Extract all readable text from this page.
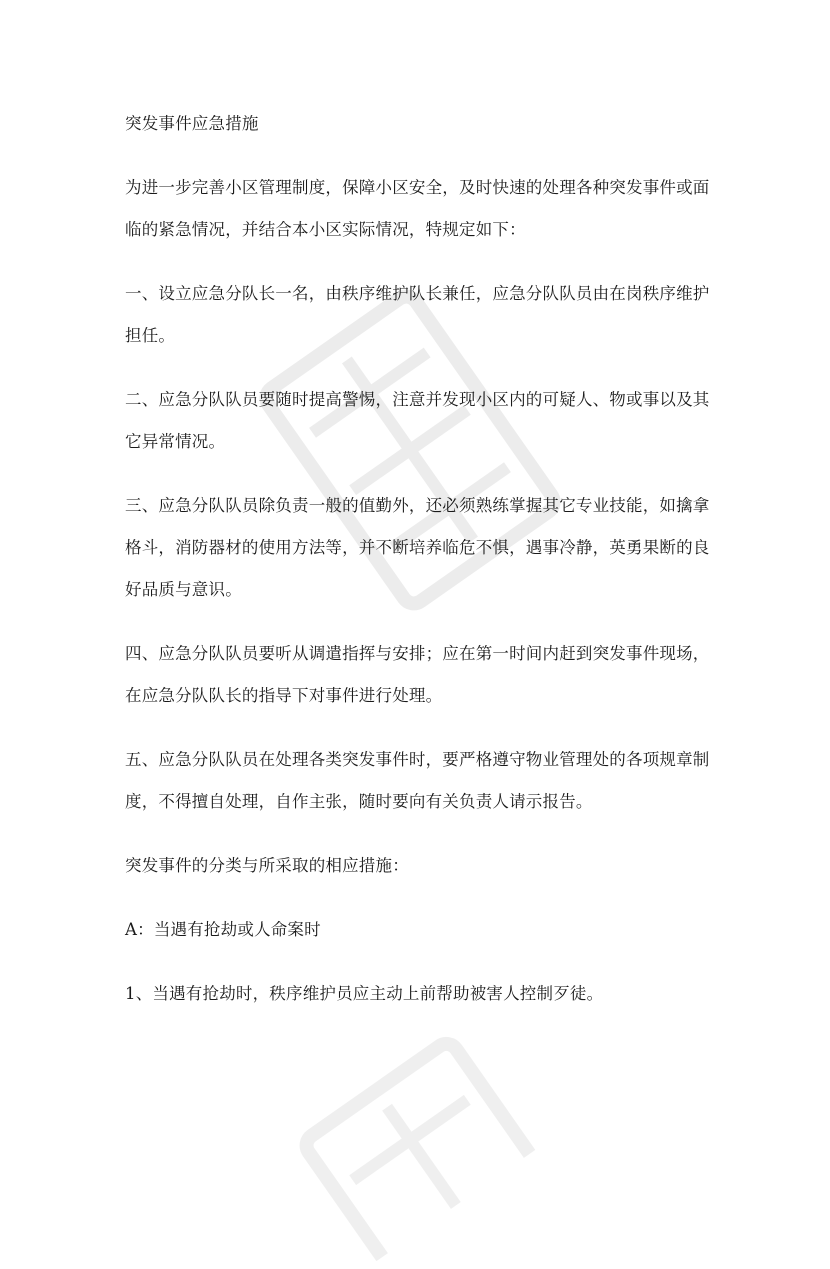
突发事件应急措施
为进一步完善小区管理制度，保障小区安全，及时快速的处理各种突发事件或面
临的紧急情况，并结合本小区实际情况，特规定如下：
一、设立应急分队长一名，由秩序维护队长兼任，应急分队队员由在岗秩序维护
担任。
二、应急分队队员要随时提高警惕，注意并发现小区内的可疑人、物或事以及其
它异常情况。
三、应急分队队员除负责一般的值勤外，还必须熟练掌握其它专业技能，如擒拿
格斗，消防器材的使用方法等，并不断培养临危不惧，遇事冷静，英勇果断的良
好品质与意识。
四、应急分队队员要听从调遣指挥与安排；应在第一时间内赶到突发事件现场，
在应急分队队长的指导下对事件进行处理。
五、应急分队队员在处理各类突发事件时，要严格遵守物业管理处的各项规章制
度，不得擅自处理，自作主张，随时要向有关负责人请示报告。
突发事件的分类与所采取的相应措施：
A：当遇有抢劫或人命案时
1、当遇有抢劫时，秩序维护员应主动上前帮助被害人控制歹徒。
